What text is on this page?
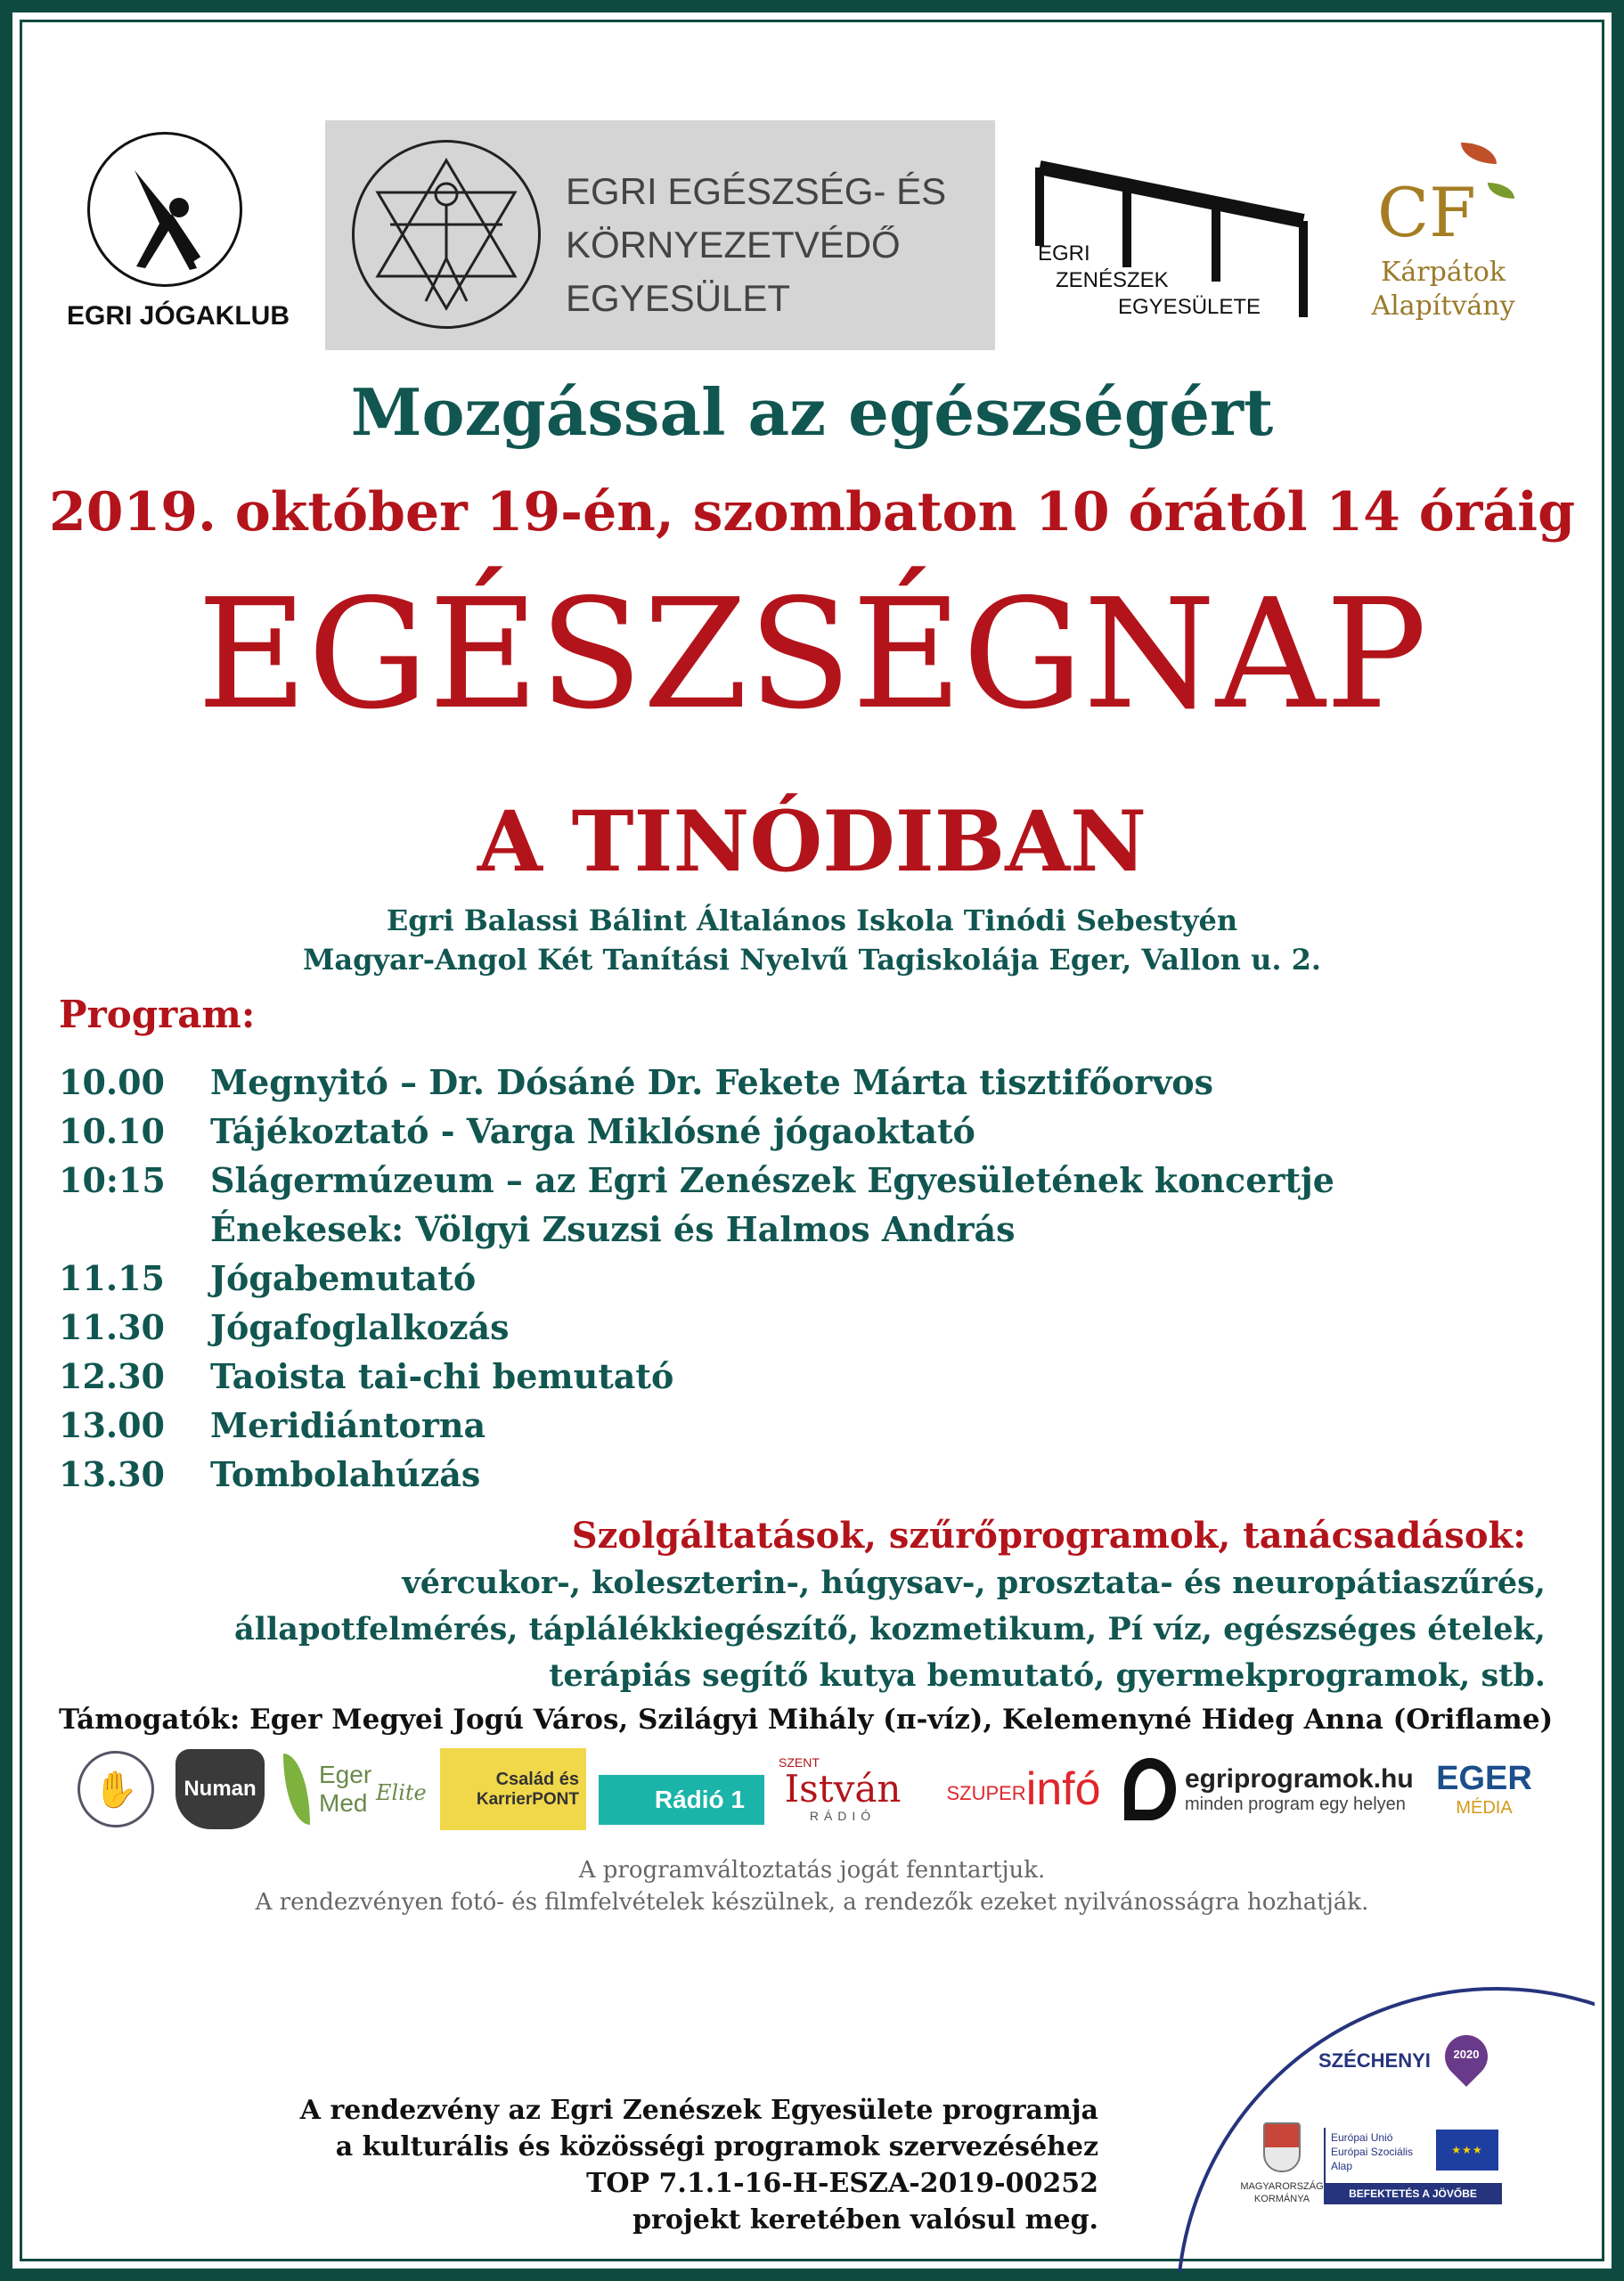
EGRI JÓGAKLUB
EGRI EGÉSZSÉG- ÉS
KÖRNYEZETVÉDŐ
EGYESÜLET
EGRI
ZENÉSZEK
EGYESÜLETE
CF
Kárpátok
Alapítvány
Mozgással az egészségért
2019. október 19-én, szombaton 10 órától 14 óráig
EGÉSZSÉGNAP
A TINÓDIBAN
Egri Balassi Bálint Általános Iskola Tinódi Sebestyén
Magyar-Angol Két Tanítási Nyelvű Tagiskolája Eger, Vallon u. 2.
Program:
10.00 Megnyitó – Dr. Dósáné Dr. Fekete Márta tisztifőorvos
10.10 Tájékoztató - Varga Miklósné jógaoktató
10:15 Slágermúzeum – az Egri Zenészek Egyesületének koncertje
Énekesek: Völgyi Zsuzsi és Halmos András
11.15 Jógabemutató
11.30 Jógafoglalkozás
12.30 Taoista tai-chi bemutató
13.00 Meridiántorna
13.30 Tombolahúzás
Szolgáltatások, szűrőprogramok, tanácsadások:
vércukor-, koleszterin-, húgysav-, prosztata- és neuropátiaszűrés,
állapotfelmérés, táplálékkiegészítő, kozmetikum, Pí víz, egészséges ételek,
terápiás segítő kutya bemutató, gyermekprogramok, stb.
Támogatók: Eger Megyei Jogú Város, Szilágyi Mihály (π-víz), Kelemenyné Hideg Anna (Oriflame)
✋	Numan
Eger
Med Elite
Család és
KarrierPONT	Rádió 1
SZENT
István
RÁDIÓ
SZUPER infó	egriprogramok.hu
minden program egy helyen
EGER
MÉDIA
A programváltoztatás jogát fenntartjuk.
A rendezvényen fotó- és filmfelvételek készülnek, a rendezők ezeket nyilvánosságra hozhatják.
A rendezvény az Egri Zenészek Egyesülete programja
a kulturális és közösségi programok szervezéséhez
TOP 7.1.1-16-H-ESZA-2019-00252
projekt keretében valósul meg.
SZÉCHENYI	2020
MAGYARORSZÁG
KORMÁNYA
Európai Unió
Európai Szociális
Alap
★★★
BEFEKTETÉS A JÖVŐBE
